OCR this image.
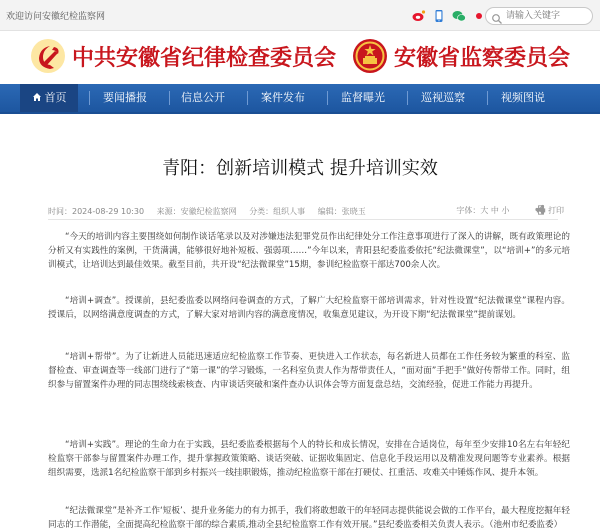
欢迎访问安徽纪检监察网
请输入关键字
中共安徽省纪律检查委员会	安徽省监察委员会
首页	要闻播报	信息公开	案件发布	监督曝光	巡视巡察	视频图说
青阳：创新培训模式 提升培训实效
时间：2024-08-29 10:30 来源：安徽纪检监察网 分类：组织人事 编辑：张晓玉	字体：大 中 小	打印

“今天的培训内容主要围绕如何制作谈话笔录以及对涉嫌违法犯罪党员作出纪律处分工作注意事项进行了深入的讲解，既有政策理论的分析又有实践性的案例，干货满满，能够很好地补短板、强弱项……”今年以来，青阳县纪委监委依托“纪法微课堂”，以“培训+”的多元培训模式，让培训达到最佳效果。截至目前，共开设“纪法微课堂”15期，参训纪检监察干部达700余人次。

“培训+调查”。授课前，县纪委监委以网络问卷调查的方式，了解广大纪检监察干部培训需求，针对性设置“纪法微课堂”课程内容。授课后，以网络满意度调查的方式，了解大家对培训内容的满意度情况，收集意见建议，为开设下期“纪法微课堂”提前谋划。

“培训+帮带”。为了让新进人员能迅速适应纪检监察工作节奏、更快进入工作状态，每名新进人员都在工作任务较为繁重的科室、监督检查、审查调查等一线部门进行了“第一课”的学习锻炼，一名科室负责人作为帮带责任人，“面对面”手把手”做好传帮带工作。同时，组织参与留置案件办理的同志围绕线索核查、内审谈话突破和案件查办认识体会等方面复盘总结，交流经验，促进工作能力再提升。

“培训+实践”。理论的生命力在于实践，县纪委监委根据每个人的特长和成长情况，安排在合适岗位，每年至少安排10名左右年轻纪检监察干部参与留置案件办理工作，提升掌握政策策略、谈话突破、证据收集固定、信息化手段运用以及精准发现问题等专业素养。根据组织需要，选派1名纪检监察干部到乡村振兴一线挂职锻炼，推动纪检监察干部在打硬仗、扛重活、攻难关中锤炼作风、提升本领。

“纪法微课堂”是补齐工作‘短板’、提升业务能力的有力抓手，我们将敢想敢干的年轻同志提供能说会做的工作平台，最大程度挖掘年轻同志的工作潜能，全面提高纪检监察干部的综合素质,推动全县纪检监察工作有效开展。”县纪委监委相关负责人表示。（池州市纪委监委）
